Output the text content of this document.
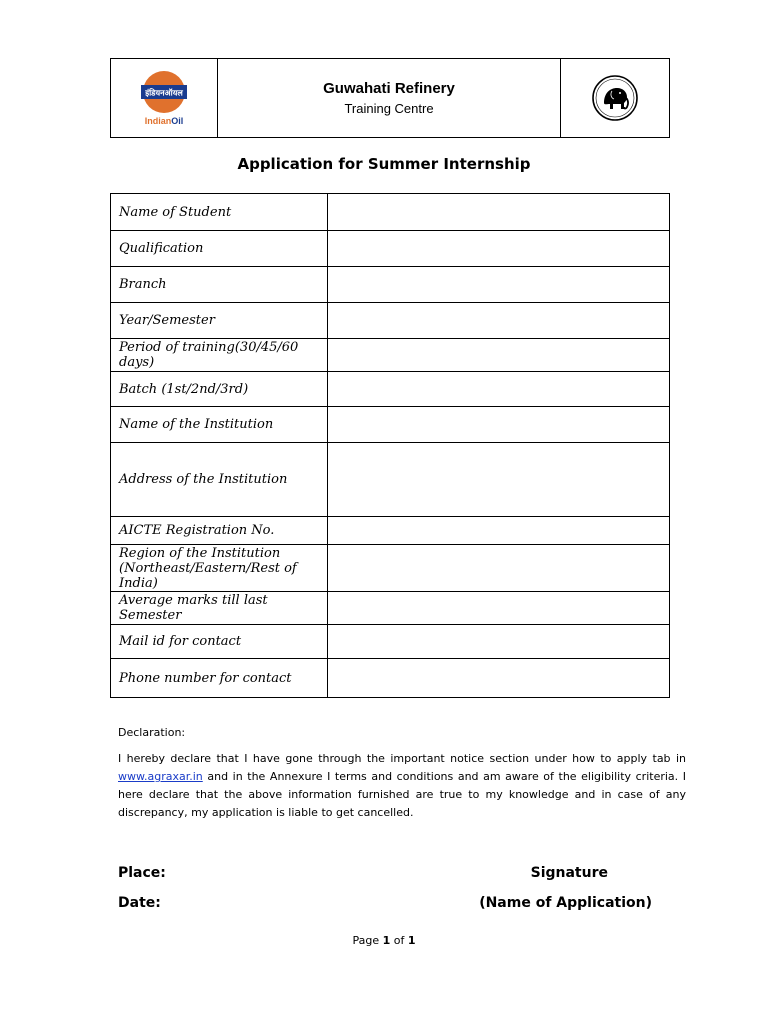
इंडियनऑयल
IndianOil
Guwahati Refinery
Training Centre
Application for Summer Internship
Name of Student	
Qualification	
Branch	
Year/Semester	
Period of training(30/45/60 days)	
Batch (1st/2nd/3rd)	
Name of the Institution	
Address of the Institution	
AICTE Registration No.	
Region of the Institution (Northeast/Eastern/Rest of India)	
Average marks till last Semester	
Mail id for contact	
Phone number for contact	
Declaration:
I hereby declare that I have gone through the important notice section under how to apply tab in www.agraxar.in and in the Annexure I terms and conditions and am aware of the eligibility criteria. I here declare that the above information furnished are true to my knowledge and in case of any discrepancy, my application is liable to get cancelled.
Place:	Signature
Date:	(Name of Application)
Page 1 of 1
